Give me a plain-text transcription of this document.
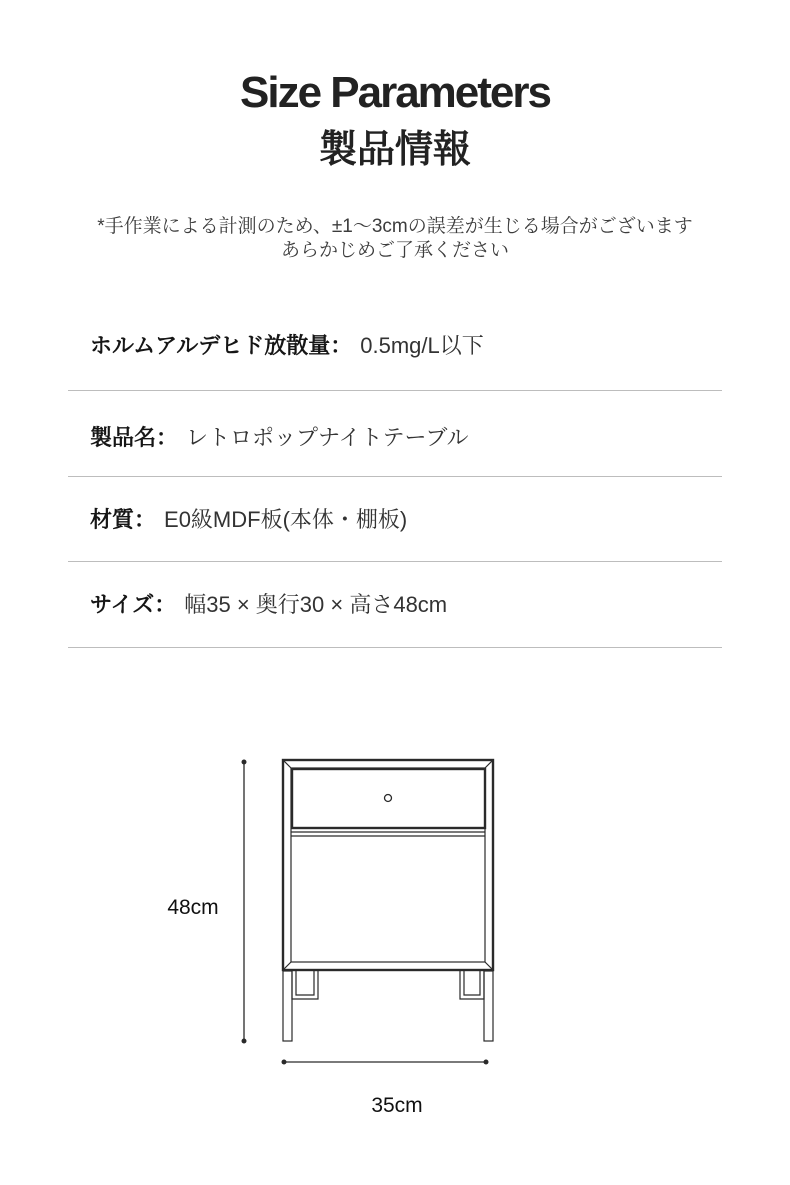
Size Parameters
製品情報
*手作業による計測のため、±1～3cmの誤差が生じる場合がございます
あらかじめご了承ください
ホルムアルデヒド放散量： 0.5mg/L以下
製品名： レトロポップナイトテーブル
材質： E0級MDF板(本体・棚板)
サイズ： 幅35 × 奥行30 × 高さ48cm
48cm
35cm
